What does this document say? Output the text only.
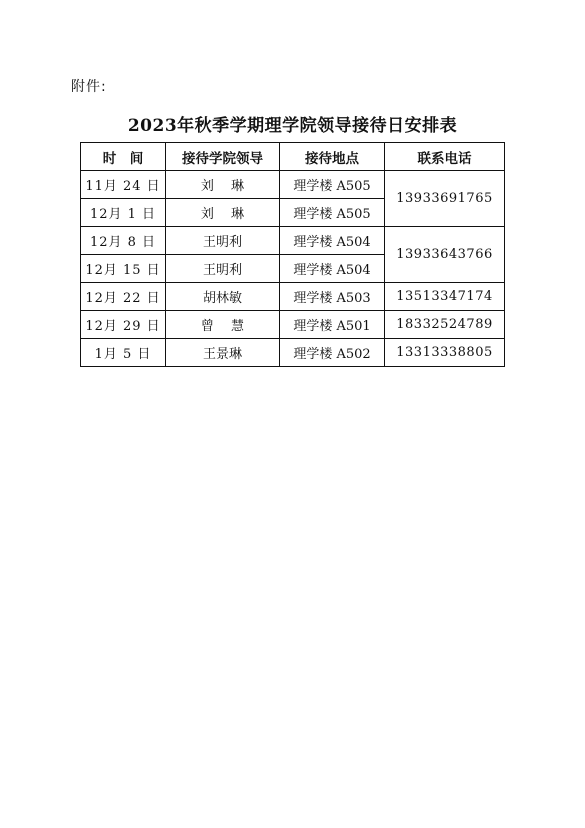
附件:
2023年秋季学期理学院领导接待日安排表
时　间	接待学院领导	接待地点	联系电话
11月 24 日	刘　 琳	理学楼 A505	13933691765
12月 1 日	刘　 琳	理学楼 A505	
12月 8 日	王明利	理学楼 A504	13933643766
12月 15 日	王明利	理学楼 A504	
12月 22 日	胡林敏	理学楼 A503	13513347174
12月 29 日	曾　 慧	理学楼 A501	18332524789
1月 5 日	王景琳	理学楼 A502	13313338805
